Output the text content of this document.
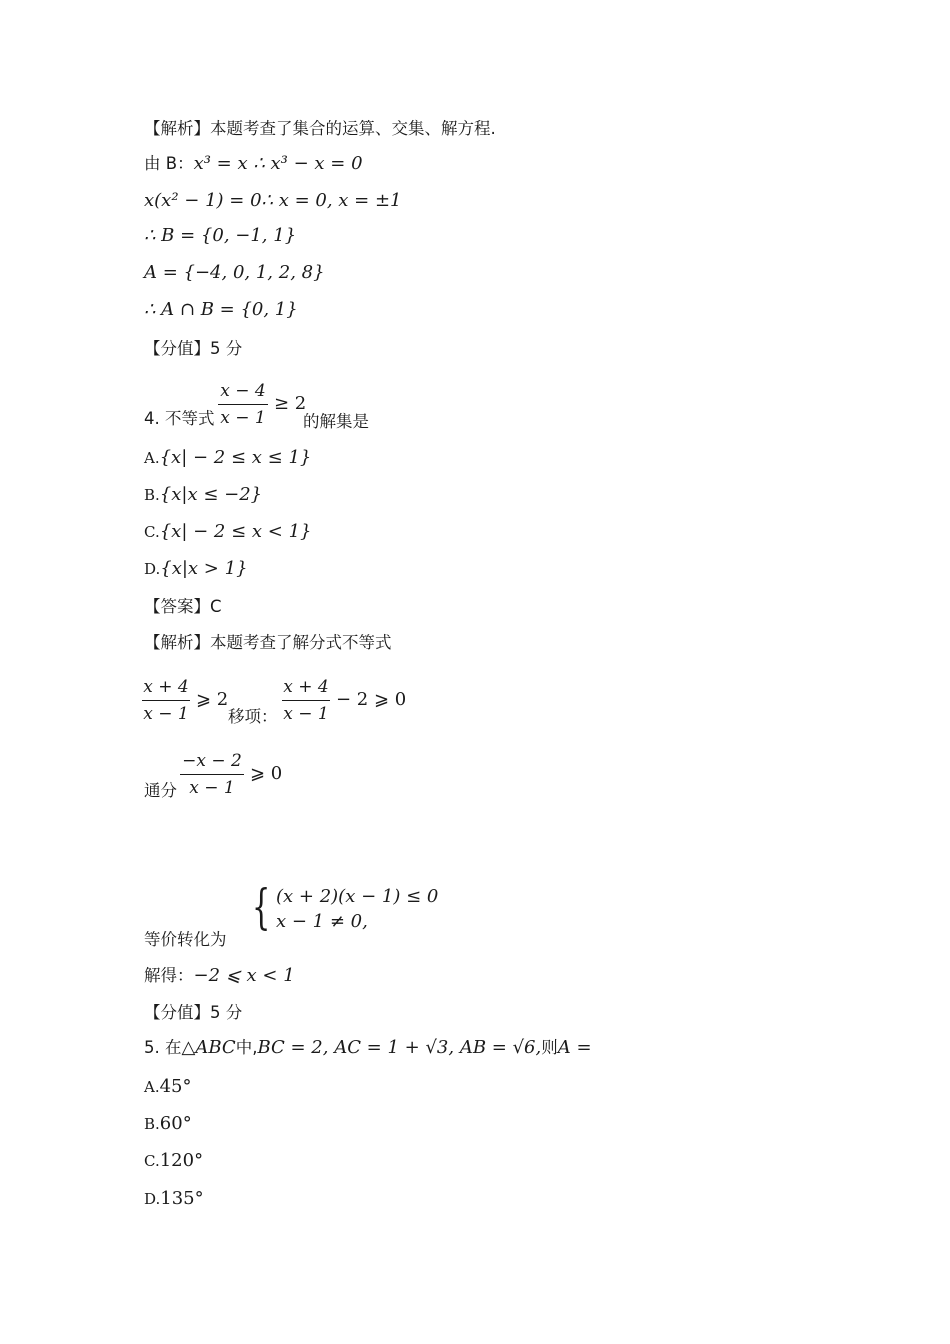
【解析】本题考查了集合的运算、交集、解方程.
由 B：x³ = x ∴ x³ − x = 0
x(x² − 1) = 0∴ x = 0, x = ±1
∴ B = {0, −1, 1}
A = {−4, 0, 1, 2, 8}
∴ A ∩ B = {0, 1}
【分值】5 分
4. 不等式
x − 4
x − 1
≥ 2
的解集是
A.{x| − 2 ≤ x ≤ 1}
B.{x|x ≤ −2}
C.{x| − 2 ≤ x < 1}
D.{x|x > 1}
【答案】C
【解析】本题考查了解分式不等式
x + 4
x − 1
⩾ 2
移项：
x + 4
x − 1
− 2 ⩾ 0
通分
−x − 2
x − 1
⩾ 0
等价转化为
{ (x + 2)(x − 1) ≤ 0
x − 1 ≠ 0,
解得：−2 ⩽ x < 1
【分值】5 分
5. 在△ABC中,BC = 2, AC = 1 + √3, AB = √6,则A =
A.45°
B.60°
C.120°
D.135°
